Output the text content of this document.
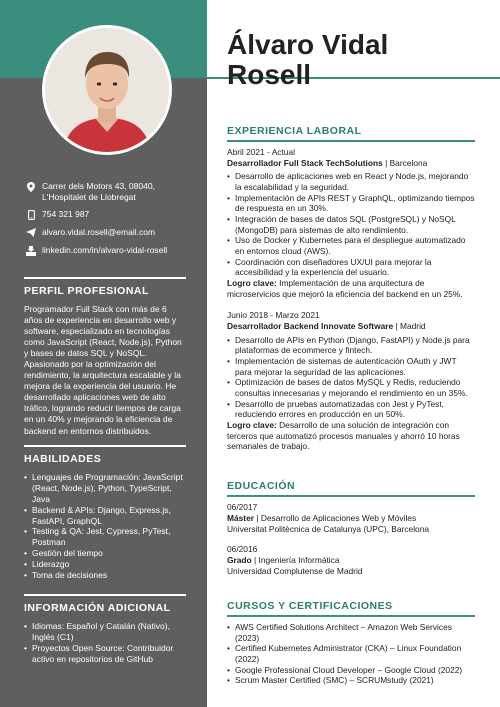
Carrer dels Motors 43, 08040, L'Hospitalet de Llobregat
754 321 987
alvaro.vidal.rosell@email.com
linkedin.com/in/alvaro-vidal-rosell
PERFIL PROFESIONAL

Programador Full Stack con más de 6 años de experiencia en desarrollo web y software, especializado en tecnologías como JavaScript (React, Node.js), Python y bases de datos SQL y NoSQL. Apasionado por la optimización del rendimiento, la arquitectura escalable y la mejora de la experiencia del usuario. He desarrollado aplicaciones web de alto tráfico, logrando reducir tiempos de carga en un 40% y mejorando la eficiencia de backend en entornos distribuidos.

HABILIDADES
• Lenguajes de Programación: JavaScript (React, Node.js), Python, TypeScript, Java
• Backend & APIs: Django, Express.js, FastAPI, GraphQL
• Testing & QA: Jest, Cypress, PyTest, Postman
• Gestión del tiempo
• Liderazgo
• Toma de decisiones
INFORMACIÓN ADICIONAL
• Idiomas: Español y Catalán (Nativo), Inglés (C1)
• Proyectos Open Source: Contribuidor activo en repositorios de GitHub
Álvaro Vidal
Rosell
EXPERIENCIA LABORAL
Abril 2021 - Actual
Desarrollador Full Stack TechSolutions | Barcelona
• Desarrollo de aplicaciones web en React y Node.js, mejorando la escalabilidad y la seguridad.
• Implementación de APIs REST y GraphQL, optimizando tiempos de respuesta en un 30%.
• Integración de bases de datos SQL (PostgreSQL) y NoSQL (MongoDB) para sistemas de alto rendimiento.
• Uso de Docker y Kubernetes para el despliegue automatizado en entornos cloud (AWS).
• Coordinación con diseñadores UX/UI para mejorar la accesibilidad y la experiencia del usuario.
Logro clave: Implementación de una arquitectura de microservicios que mejoró la eficiencia del backend en un 25%.
Junio 2018 - Marzo 2021
Desarrollador Backend Innovate Software | Madrid
• Desarrollo de APIs en Python (Django, FastAPI) y Node.js para plataformas de ecommerce y fintech.
• Implementación de sistemas de autenticación OAuth y JWT para mejorar la seguridad de las aplicaciones.
• Optimización de bases de datos MySQL y Redis, reduciendo consultas innecesarias y mejorando el rendimiento en un 35%.
• Desarrollo de pruebas automatizadas con Jest y PyTest, reduciendo errores en producción en un 50%.
Logro clave: Desarrollo de una solución de integración con terceros que automatizó procesos manuales y ahorró 10 horas semanales de trabajo.
EDUCACIÓN
06/2017
Máster | Desarrollo de Aplicaciones Web y Móviles
Universitat Politècnica de Catalunya (UPC), Barcelona
06/2016
Grado | Ingeniería Informática
Universidad Complutense de Madrid
CURSOS Y CERTIFICACIONES
• AWS Certified Solutions Architect – Amazon Web Services (2023)
• Certified Kubernetes Administrator (CKA) – Linux Foundation (2022)
• Google Professional Cloud Developer – Google Cloud (2022)
• Scrum Master Certified (SMC) – SCRUMstudy (2021)
